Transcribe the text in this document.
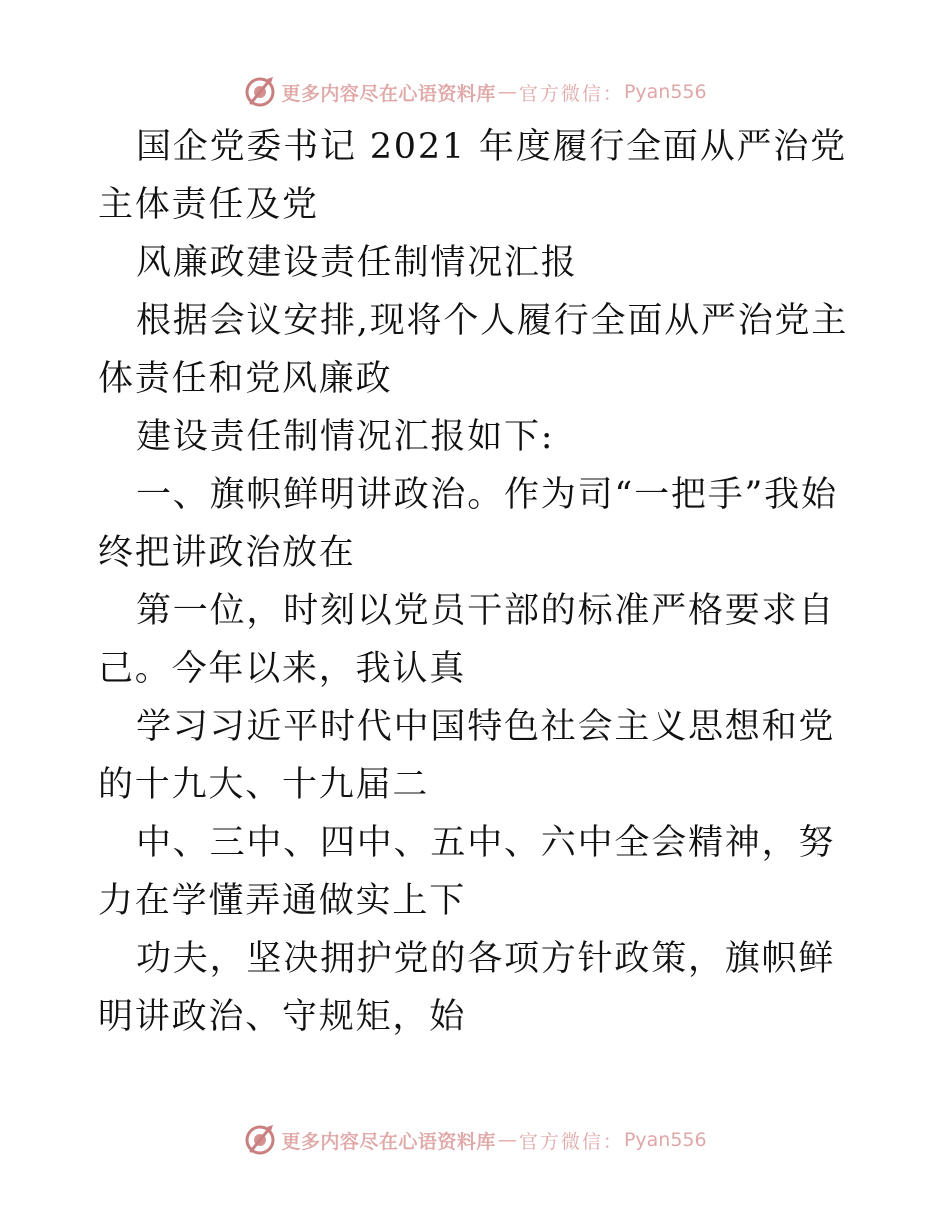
更多内容尽在心语资料库 — 官方微信： Pyan556

国企党委书记 2021 年度履行全面从严治党主体责任及党

风廉政建设责任制情况汇报

根据会议安排,现将个人履行全面从严治党主体责任和党风廉政

建设责任制情况汇报如下:

一、旗帜鲜明讲政治。作为司“一把手”我始终把讲政治放在

第一位，时刻以党员干部的标准严格要求自己。今年以来，我认真

学习习近平时代中国特色社会主义思想和党的十九大、十九届二

中、三中、四中、五中、六中全会精神，努力在学懂弄通做实上下

功夫，坚决拥护党的各项方针政策，旗帜鲜明讲政治、守规矩，始

更多内容尽在心语资料库 — 官方微信： Pyan556
